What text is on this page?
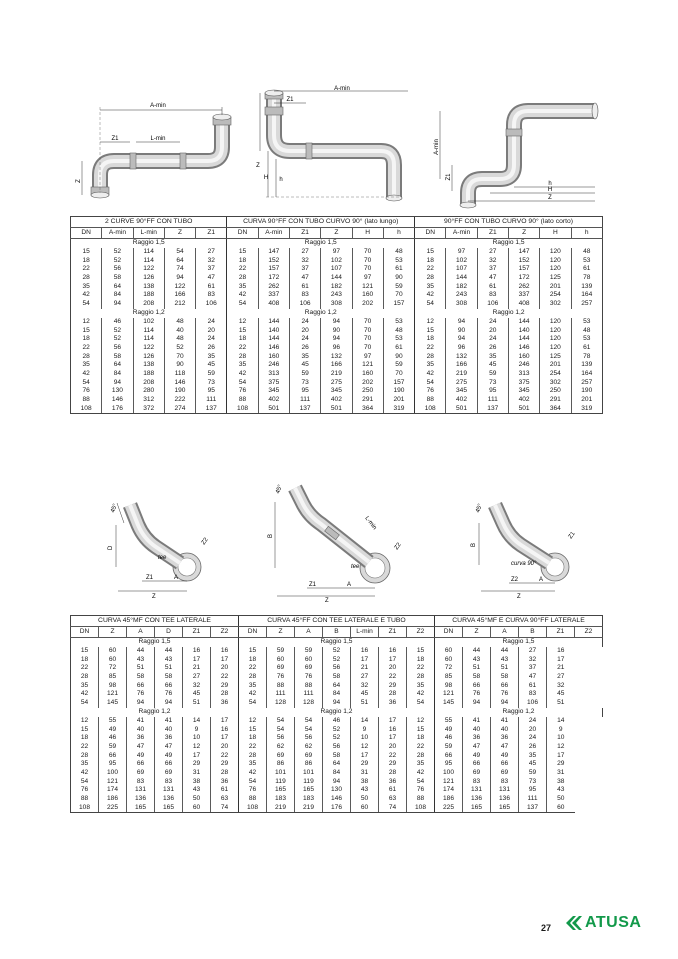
A-min
Z1	L-min
Z
A-min
Z1
Z
H h
A-min
Z1
h
H
Z
2 CURVE 90°FF CON TUBO					CURVA 90°FF CON TUBO CURVO 90° (lato lungo)						90°FF CON TUBO CURVO 90° (lato corto)					
DN	A-min	L-min	Z	Z1	DN	A-min	Z1	Z	H	h	DN	A-min	Z1	Z	H	h
Raggio 1,5					Raggio 1,5						Raggio 1,5					
15	52	114	54	27	15	147	27	97	70	48	15	97	27	147	120	48
18	52	114	64	32	18	152	32	102	70	53	18	102	32	152	120	53
22	56	122	74	37	22	157	37	107	70	61	22	107	37	157	120	61
28	58	126	94	47	28	172	47	144	97	90	28	144	47	172	125	78
35	64	138	122	61	35	262	61	182	121	59	35	182	61	262	201	139
42	84	188	166	83	42	337	83	243	160	70	42	243	83	337	254	164
54	94	208	212	106	54	408	106	308	202	157	54	308	106	408	302	257
Raggio 1,2					Raggio 1,2						Raggio 1,2					
12	46	102	48	24	12	144	24	94	70	53	12	94	24	144	120	53
15	52	114	40	20	15	140	20	90	70	48	15	90	20	140	120	48
18	52	114	48	24	18	144	24	94	70	53	18	94	24	144	120	53
22	56	122	52	26	22	146	26	96	70	61	22	96	26	146	120	61
28	58	126	70	35	28	160	35	132	97	90	28	132	35	160	125	78
35	64	138	90	45	35	246	45	166	121	59	35	166	45	246	201	139
42	84	188	118	59	42	313	59	219	160	70	42	219	59	313	254	164
54	94	208	146	73	54	375	73	275	202	157	54	275	73	375	302	257
76	130	280	190	95	76	345	95	345	250	190	76	345	95	345	250	190
88	146	312	222	111	88	402	111	402	291	201	88	402	111	402	291	201
108	176	372	274	137	108	501	137	501	364	319	108	501	137	501	364	319
45°
D
tee
Z2
Z1	A
Z
45°
B
L-min
Z2
tee
Z1	A
Z
45°
B
Z1
curva 90°
Z2	A
Z
CURVA 45°MF CON TEE LATERALE						CURVA 45°FF CON TEE LATERALE E TUBO							CURVA 45°MF E CURVA 90°FF LATERALE					
DN	Z	A	D	Z1	Z2	DN	Z	A	B	L-min	Z1	Z2	DN	Z	A	B	Z1	Z2
Raggio 1,5						Raggio 1,5							Raggio 1,5					
15	60	44	44	16	16	15	59	59	52	16	16	15	60	44	44	27	16	
18	60	43	43	17	17	18	60	60	52	17	17	18	60	43	43	32	17	
22	72	51	51	21	20	22	69	69	56	21	20	22	72	51	51	37	21	
28	85	58	58	27	22	28	76	76	58	27	22	28	85	58	58	47	27	
35	98	66	66	32	29	35	88	88	64	32	29	35	98	66	66	61	32	
42	121	76	76	45	28	42	111	111	84	45	28	42	121	76	76	83	45	
54	145	94	94	51	36	54	128	128	94	51	36	54	145	94	94	106	51	
Raggio 1,2						Raggio 1,2							Raggio 1,2					
12	55	41	41	14	17	12	54	54	46	14	17	12	55	41	41	24	14	
15	49	40	40	9	16	15	54	54	52	9	16	15	49	40	40	20	9	
18	46	36	36	10	17	18	56	56	52	10	17	18	46	36	36	24	10	
22	59	47	47	12	20	22	62	62	56	12	20	22	59	47	47	26	12	
28	66	49	49	17	22	28	69	69	58	17	22	28	66	49	49	35	17	
35	95	66	66	29	29	35	86	86	64	29	29	35	95	66	66	45	29	
42	100	69	69	31	28	42	101	101	84	31	28	42	100	69	69	59	31	
54	121	83	83	38	36	54	119	119	94	38	36	54	121	83	83	73	38	
76	174	131	131	43	61	76	165	165	130	43	61	76	174	131	131	95	43	
88	186	136	136	50	63	88	183	183	146	50	63	88	186	136	136	111	50	
108	225	165	165	60	74	108	219	219	176	60	74	108	225	165	165	137	60	
27 ATUSA
